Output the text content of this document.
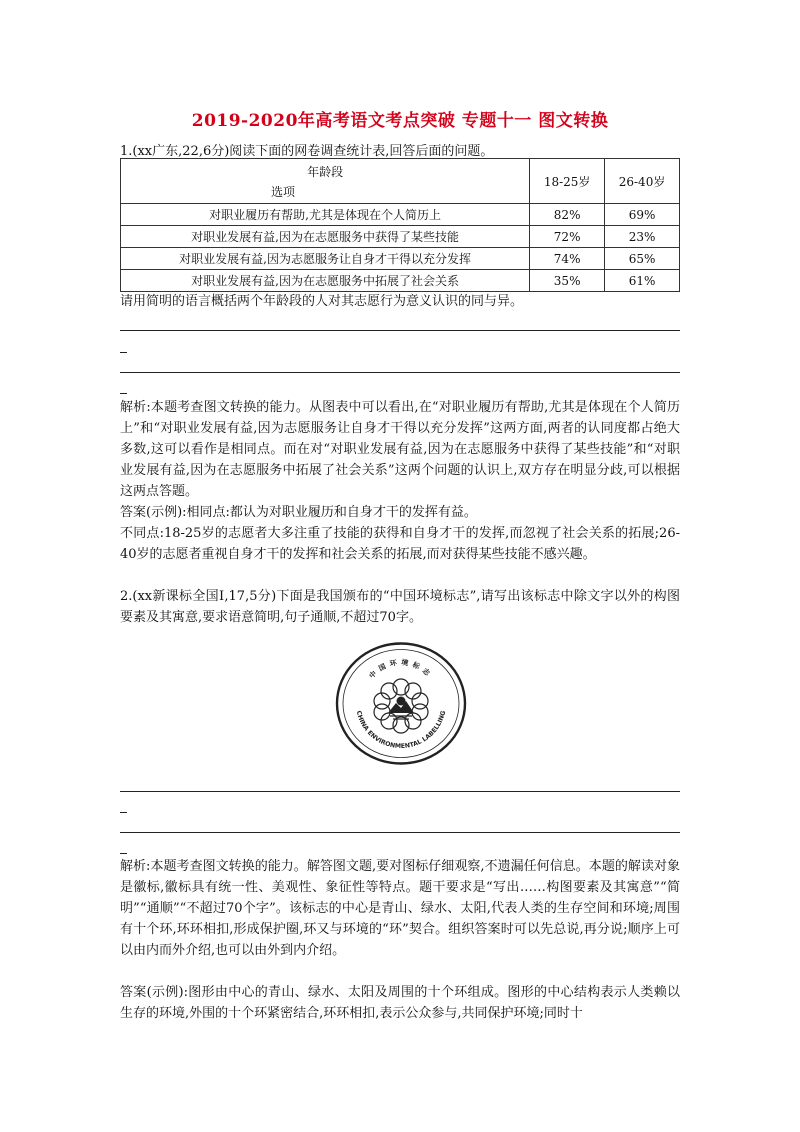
2019-2020年高考语文考点突破 专题十一 图文转换
1.(xx广东,22,6分)阅读下面的网卷调查统计表,回答后面的问题。
年龄段
选项	18-25岁	26-40岁
对职业履历有帮助,尤其是体现在个人简历上	82%	69%
对职业发展有益,因为在志愿服务中获得了某些技能	72%	23%
对职业发展有益,因为志愿服务让自身才干得以充分发挥	74%	65%
对职业发展有益,因为在志愿服务中拓展了社会关系	35%	61%
请用简明的语言概括两个年龄段的人对其志愿行为意义认识的同与异。
解析:本题考查图文转换的能力。从图表中可以看出,在“对职业履历有帮助,尤其是体现在个人简历上”和“对职业发展有益,因为志愿服务让自身才干得以充分发挥”这两方面,两者的认同度都占绝大多数,这可以看作是相同点。而在对“对职业发展有益,因为在志愿服务中获得了某些技能”和“对职业发展有益,因为在志愿服务中拓展了社会关系”这两个问题的认识上,双方存在明显分歧,可以根据这两点答题。
答案(示例):相同点:都认为对职业履历和自身才干的发挥有益。
不同点:18-25岁的志愿者大多注重了技能的获得和自身才干的发挥,而忽视了社会关系的拓展;26-40岁的志愿者重视自身才干的发挥和社会关系的拓展,而对获得某些技能不感兴趣。
2.(xx新课标全国Ⅰ,17,5分)下面是我国颁布的“中国环境标志”,请写出该标志中除文字以外的构图要素及其寓意,要求语意简明,句子通顺,不超过70字。
中国环境标志
CHINA ENVIRONMENTAL LABELLING
解析:本题考查图文转换的能力。解答图文题,要对图标仔细观察,不遗漏任何信息。本题的解读对象是徽标,徽标具有统一性、美观性、象征性等特点。题干要求是“写出……构图要素及其寓意”“简明”“通顺”“不超过70个字”。该标志的中心是青山、绿水、太阳,代表人类的生存空间和环境;周围有十个环,环环相扣,形成保护圈,环又与环境的“环”契合。组织答案时可以先总说,再分说;顺序上可以由内而外介绍,也可以由外到内介绍。
答案(示例):图形由中心的青山、绿水、太阳及周围的十个环组成。图形的中心结构表示人类赖以生存的环境,外围的十个环紧密结合,环环相扣,表示公众参与,共同保护环境;同时十
